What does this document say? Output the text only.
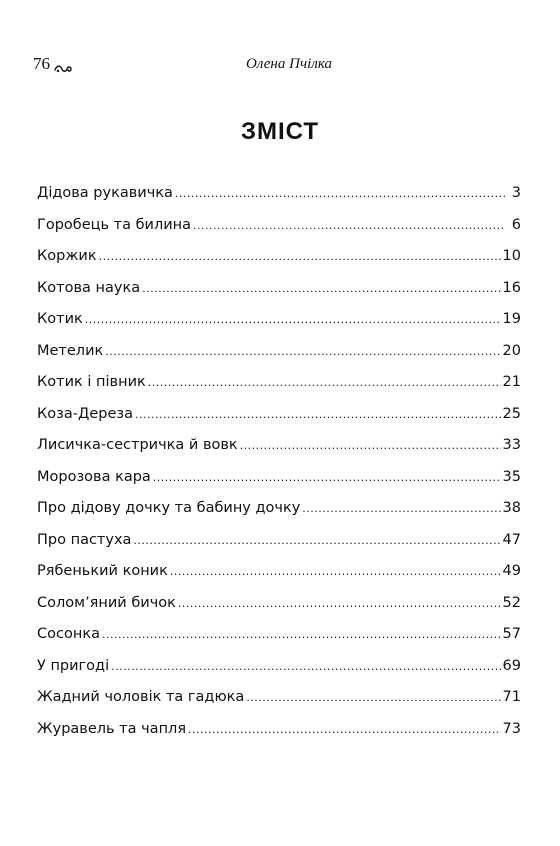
76	Олена Пчілка
ЗМІСТ
Дідова рукавичка .....	3
Горобець та билина .....	6
Коржик .....	10
Котова наука .....	16
Котик .....	19
Метелик .....	20
Котик і півник .....	21
Коза-Дереза .....	25
Лисичка-сестричка й вовк .....	33
Морозова кара .....	35
Про дідову дочку та бабину дочку .....	38
Про пастуха .....	47
Рябенький коник .....	49
Солом’яний бичок .....	52
Сосонка .....	57
У пригоді .....	69
Жадний чоловік та гадюка .....	71
Журавель та чапля .....	73
